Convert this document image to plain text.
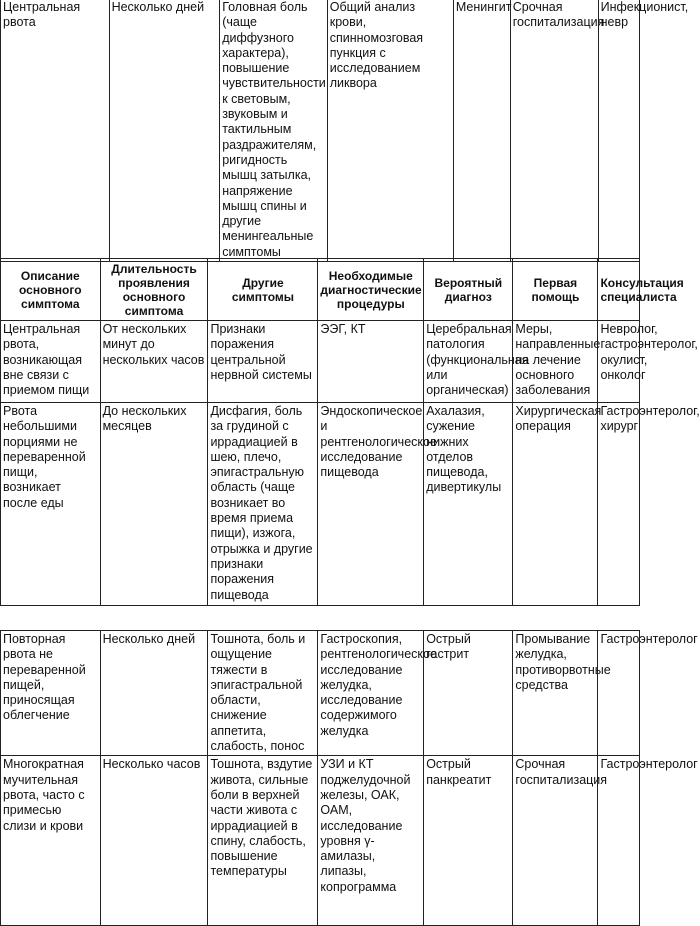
Центральная рвота	Несколько дней	Головная боль (чаще диффузного характера), повышение чувствительности к световым, звуковым и тактильным раздражителям, ригидность мышц затылка, напряжение мышц спины и другие менингеальные симптомы	Общий анализ крови, спинномозговая пункция с исследованием ликвора	Менингит	Срочная госпитализация	Инфекционист, невр
Описание основного симптома	Длительность проявления основного симптома	Другие симптомы	Необходимые диагностические процедуры	Вероятный диагноз	Первая помощь	Консультация специалиста
Центральная рвота, возникающая вне связи с приемом пищи	От нескольких минут до нескольких часов	Признаки поражения центральной нервной системы	ЭЭГ, КТ	Церебральная патология (функциональная или органическая)	Меры, направленные на лечение основного заболевания	Невролог, гастроэнтеролог, окулист, онколог
Рвота небольшими порциями не переваренной пищи, возникает после еды	До нескольких месяцев	Дисфагия, боль за грудиной с иррадиацией в шею, плечо, эпигастральную область (чаще возникает во время приема пищи), изжога, отрыжка и другие признаки поражения пищевода	Эндоскопическое и рентгенологическое исследование пищевода	Ахалазия, сужение нижних отделов пищевода, дивертикулы	Хирургическая операция	Гастроэнтеролог, хирург
Повторная рвота не переваренной пищей, приносящая облегчение	Несколько дней	Тошнота, боль и ощущение тяжести в эпигастральной области, снижение аппетита, слабость, понос	Гастроскопия, рентгенологическое исследование желудка, исследование содержимого желудка	Острый гастрит	Промывание желудка, противорвотные средства	Гастроэнтеролог
Многократная мучительная рвота, часто с примесью слизи и крови	Несколько часов	Тошнота, вздутие живота, сильные боли в верхней части живота с иррадиацией в спину, слабость, повышение температуры	УЗИ и КТ поджелудочной железы, ОАК, ОАМ, исследование уровня γ-амилазы, липазы, копрограмма	Острый панкреатит	Срочная госпитализация	Гастроэнтеролог
